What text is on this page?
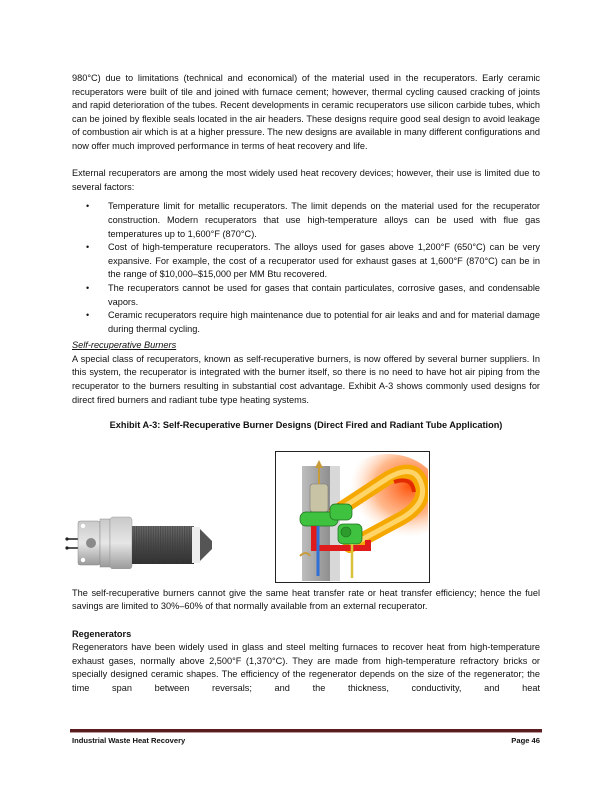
980°C) due to limitations (technical and economical) of the material used in the recuperators. Early ceramic recuperators were built of tile and joined with furnace cement; however, thermal cycling caused cracking of joints and rapid deterioration of the tubes. Recent developments in ceramic recuperators use silicon carbide tubes, which can be joined by flexible seals located in the air headers. These designs require good seal design to avoid leakage of combustion air which is at a higher pressure. The new designs are available in many different configurations and now offer much improved performance in terms of heat recovery and life.

External recuperators are among the most widely used heat recovery devices; however, their use is limited due to several factors:

• Temperature limit for metallic recuperators. The limit depends on the material used for the recuperator construction. Modern recuperators that use high-temperature alloys can be used with flue gas temperatures up to 1,600°F (870°C).

• Cost of high-temperature recuperators. The alloys used for gases above 1,200°F (650°C) can be very expansive. For example, the cost of a recuperator used for exhaust gases at 1,600°F (870°C) can be in the range of $10,000–$15,000 per MM Btu recovered.

• The recuperators cannot be used for gases that contain particulates, corrosive gases, and condensable vapors.

• Ceramic recuperators require high maintenance due to potential for air leaks and and for material damage during thermal cycling.

Self-recuperative Burners

A special class of recuperators, known as self-recuperative burners, is now offered by several burner suppliers. In this system, the recuperator is integrated with the burner itself, so there is no need to have hot air piping from the recuperator to the burners resulting in substantial cost advantage. Exhibit A-3 shows commonly used designs for direct fired burners and radiant tube type heating systems.

Exhibit A-3: Self-Recuperative Burner Designs (Direct Fired and Radiant Tube Application)

The self-recuperative burners cannot give the same heat transfer rate or heat transfer efficiency; hence the fuel savings are limited to 30%–60% of that normally available from an external recuperator.

Regenerators

Regenerators have been widely used in glass and steel melting furnaces to recover heat from high-temperature exhaust gases, normally above 2,500°F (1,370°C). They are made from high-temperature refractory bricks or specially designed ceramic shapes. The efficiency of the regenerator depends on the size of the regenerator; the time span between reversals; and the thickness, conductivity, and heat

Industrial Waste Heat Recovery	Page 46
